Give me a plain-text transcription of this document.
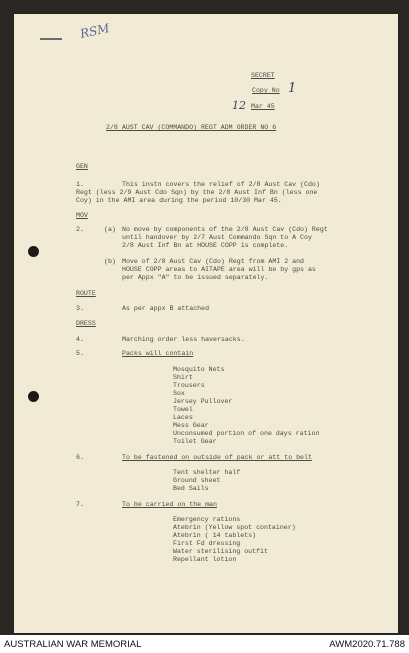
RSM
SECRET
Copy No 1
12 Mar 45
2/8 AUST CAV (COMMANDO) REGT ADM ORDER NO 6
GEN
1.	This instn covers the relief of 2/8 Aust Cav (Cdo)
Regt (less 2/9 Aust Cdo Sqn) by the 2/8 Aust Inf Bn (less one
Coy) in the AMI area during the period 10/30 Mar 45.
MOV
2.	(a) No move by components of the 2/8 Aust Cav (Cdo) Regt
until handover by 2/7 Aust Commando Sqn to A Coy
2/8 Aust Inf Bn at HOUSE COPP is complete.
(b) Move of 2/8 Aust Cav (Cdo) Regt from AMI 2 and
HOUSE COPP areas to AITAPE area will be by gps as
per Appx "A" to be issued separately.
ROUTE
3.	As per appx B attached
DRESS
4.	Marching order less haversacks.
5.	Packs will contain
Mosquito Nets
Shirt
Trousers
Sox
Jersey Pullover
Towel
Laces
Mess Gear
Unconsumed portion of one days ration
Toilet Gear
6.	To be fastened on outside of pack or att to belt
Tent shelter half
Ground sheet
Bed Sails
7.	To be carried on the man
Emergency rations
Atebrin (Yellow spot container)
Atebrin ( 14 tablets)
First Fd dressing
Water sterilising outfit
Repellant lotion
AUSTRALIAN WAR MEMORIAL	AWM2020.71.788
